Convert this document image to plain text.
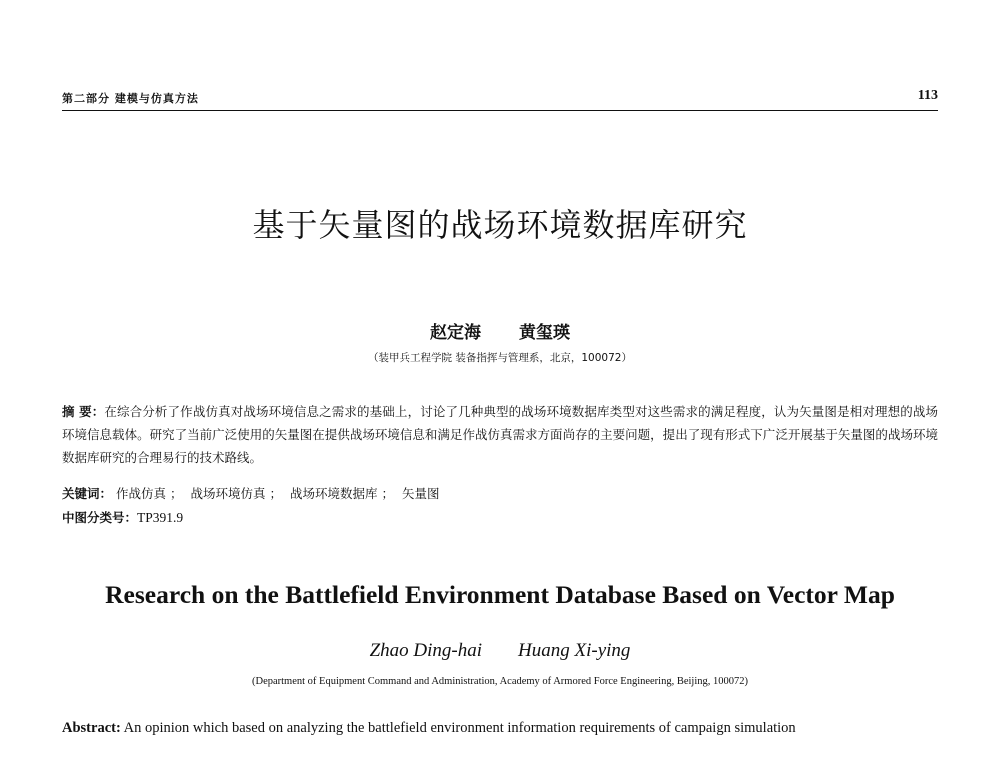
第二部分 建模与仿真方法	113
基于矢量图的战场环境数据库研究
赵定海 黄玺瑛
（装甲兵工程学院 装备指挥与管理系，北京，100072）
摘 要：在综合分析了作战仿真对战场环境信息之需求的基础上，讨论了几种典型的战场环境数据库类型对这些需求的满足程度，认为矢量图是相对理想的战场环境信息载体。研究了当前广泛使用的矢量图在提供战场环境信息和满足作战仿真需求方面尚存的主要问题，提出了现有形式下广泛开展基于矢量图的战场环境数据库研究的合理易行的技术路线。
关键词： 作战仿真 ； 战场环境仿真 ； 战场环境数据库 ； 矢量图
中图分类号：TP391.9
Research on the Battlefield Environment Database Based on Vector Map
Zhao Ding-hai Huang Xi-ying
(Department of Equipment Command and Administration, Academy of Armored Force Engineering, Beijing, 100072)
Abstract: An opinion which based on analyzing the battlefield environment information requirements of campaign simulation
